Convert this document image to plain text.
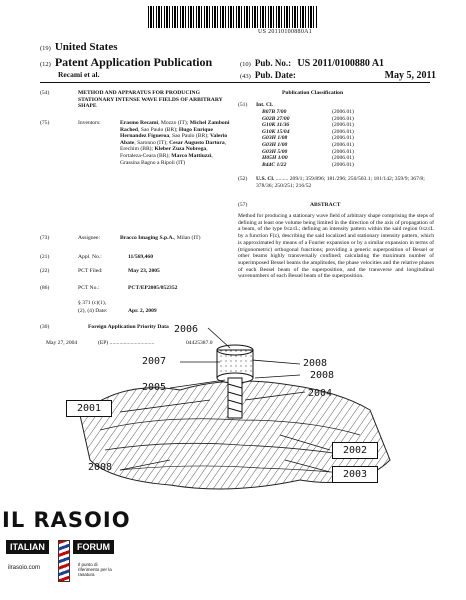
US 20110100880A1
(19) United States
(12) Patent Application Publication
Recami et al.
(10) Pub. No.: US 2011/0100880 A1
(43) Pub. Date:	May 5, 2011
(54)	METHOD AND APPARATUS FOR PRODUCING STATIONARY INTENSE WAVE FIELDS OF ARBITRARY SHAPE
(75)	Inventors:	Erasmo Recami, Mozzo (IT); Michel Zamboni Rached, Sao Paulo (BR); Hugo Enrique Hernandez Figueroa, Sao Paulo (BR); Valerio Abate, Saronno (IT); Cesar Augusto Dartora, Erechim (BR); Kleber Zuza Nobrega, Fortaleza-Ceara (BR); Marco Mattiuzzi, Grassina Bagno a Ripoli (IT)
(73)	Assignee:	Bracco Imaging S.p.A., Milan (IT)
(21)	Appl. No.:	11/569,460
(22)	PCT Filed:	May 23, 2005
(86)	PCT No.:	PCT/EP2005/052352
§ 371 (c)(1),
(2), (4) Date:	Apr. 2, 2009
(30)	Foreign Application Priority Data
May 27, 2004	(EP) ................................	04425387.0
Publication Classification
(51) Int. Cl.
B07B 7/00	(2006.01)
G02B 27/00	(2006.01)
G10K 11/36	(2006.01)
G10K 15/04	(2006.01)
G03H 1/08	(2006.01)
G03H 1/00	(2006.01)
G03H 5/00	(2006.01)
H05H 1/00	(2006.01)
B44C 1/22	(2006.01)
(52) U.S. Cl. ......... 209/1; 359/896; 181/296; 250/503.1; 181/142; 359/9; 367/8; 378/36; 250/251; 216/52
(57)	ABSTRACT
Method for producing a stationary wave field of arbitrary shape comprising the steps of defining at least one volume being limited in the direction of the axis of propagation of a beam, of the type 0≤z≤L; defining an intensity pattern within the said region 0≤z≤L by a function F(z), describing the said localized and stationary intensity pattern, which is approximated by means of a Fourier expansion or by a similar expansion in terms of (trigonometric) orthogonal functions; providing a generic superposition of Bessel or other beams highly transversally confined; calculating the maximum number of superimposed Bessel beams the amplitudes, the phase velocities and the relative phases of each Bessel beam of the superposition, and the transverse and longitudinal wavenumbers of each Bessel beam of the superposition.
2006
2007
2005
2001
2008
2008
2004
2002
2003
2008
IL RASOIO
ITALIAN	FORUM
ilrasoio.com
Il punto di riferimento per la rasatura
